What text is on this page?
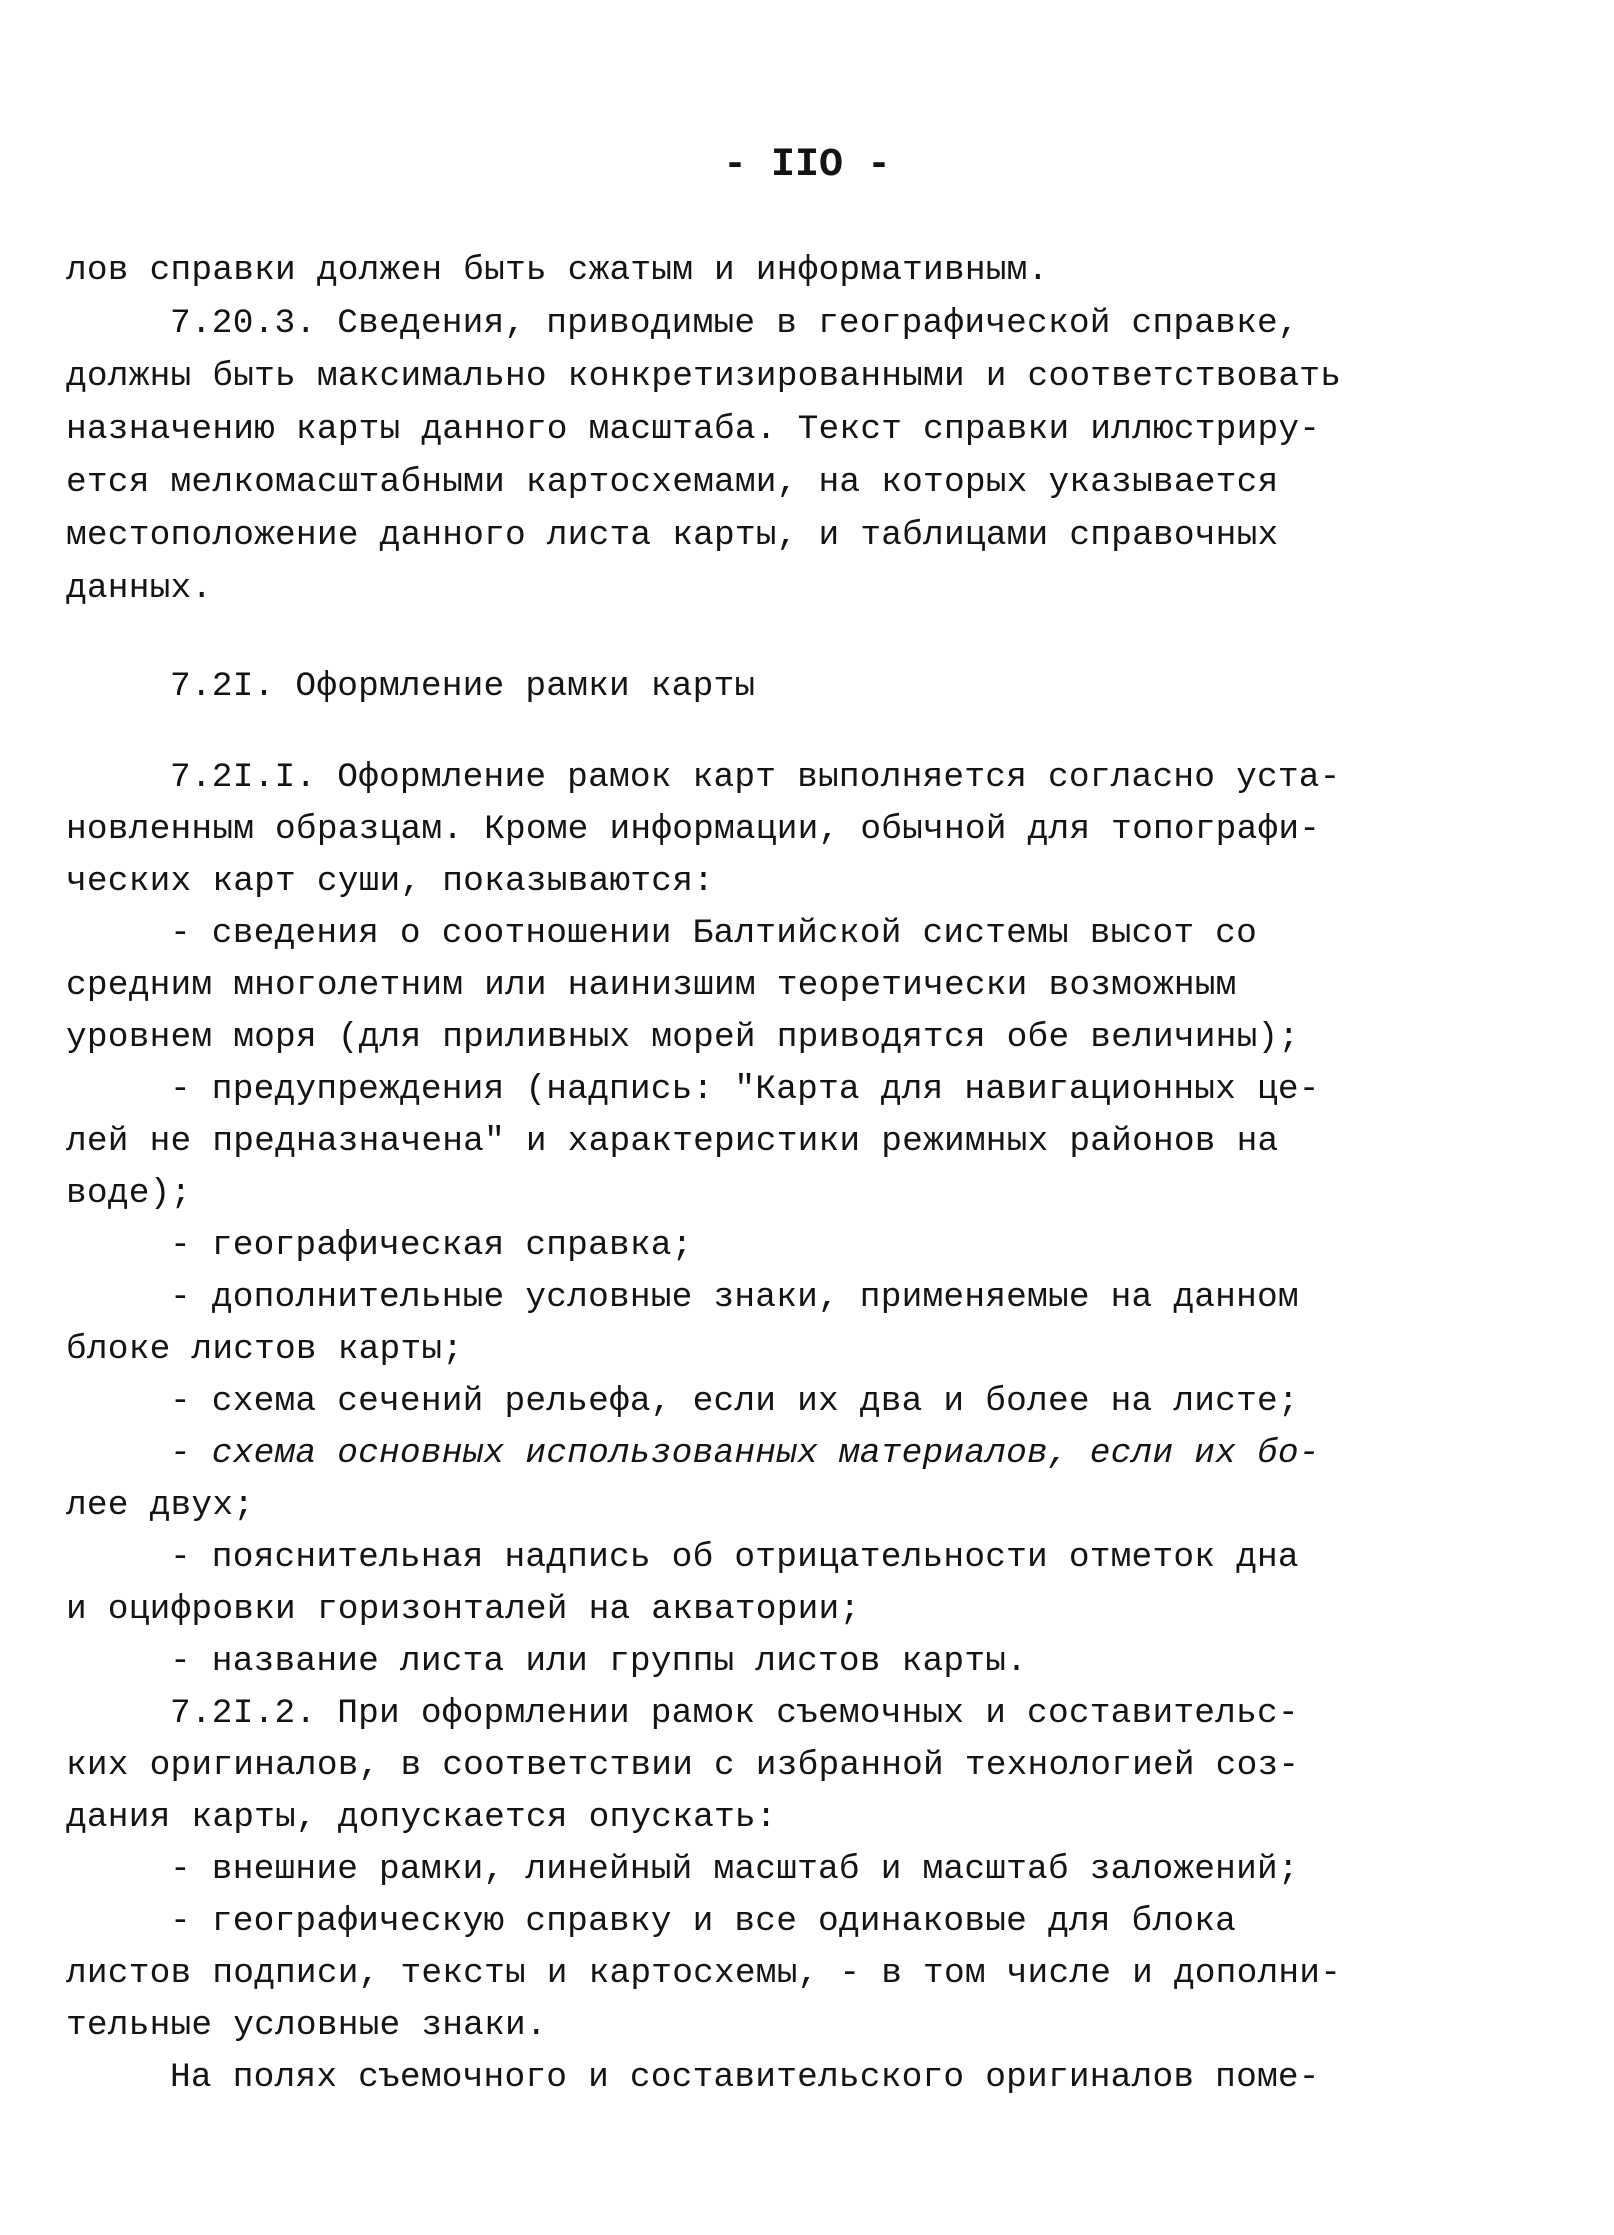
- IIO -
лов справки должен быть сжатым и информативным.
7.20.3. Сведения, приводимые в географической справке,
должны быть максимально конкретизированными и соответствовать
назначению карты данного масштаба. Текст справки иллюстриру-
ется мелкомасштабными картосхемами, на которых указывается
местоположение данного листа карты, и таблицами справочных
данных.
7.2I. Оформление рамки карты
7.2I.I. Оформление рамок карт выполняется согласно уста-
новленным образцам. Кроме информации, обычной для топографи-
ческих карт суши, показываются:
- сведения о соотношении Балтийской системы высот со
средним многолетним или наинизшим теоретически возможным
уровнем моря (для приливных морей приводятся обе величины);
- предупреждения (надпись: "Карта для навигационных це-
лей не предназначена" и характеристики режимных районов на
воде);
- географическая справка;
- дополнительные условные знаки, применяемые на данном
блоке листов карты;
- схема сечений рельефа, если их два и более на листе;
- схема основных использованных материалов, если их бо-
лее двух;
- пояснительная надпись об отрицательности отметок дна
и оцифровки горизонталей на акватории;
- название листа или группы листов карты.
7.2I.2. При оформлении рамок съемочных и составительс-
ких оригиналов, в соответствии с избранной технологией соз-
дания карты, допускается опускать:
- внешние рамки, линейный масштаб и масштаб заложений;
- географическую справку и все одинаковые для блока
листов подписи, тексты и картосхемы, - в том числе и дополни-
тельные условные знаки.
На полях съемочного и составительского оригиналов поме-
